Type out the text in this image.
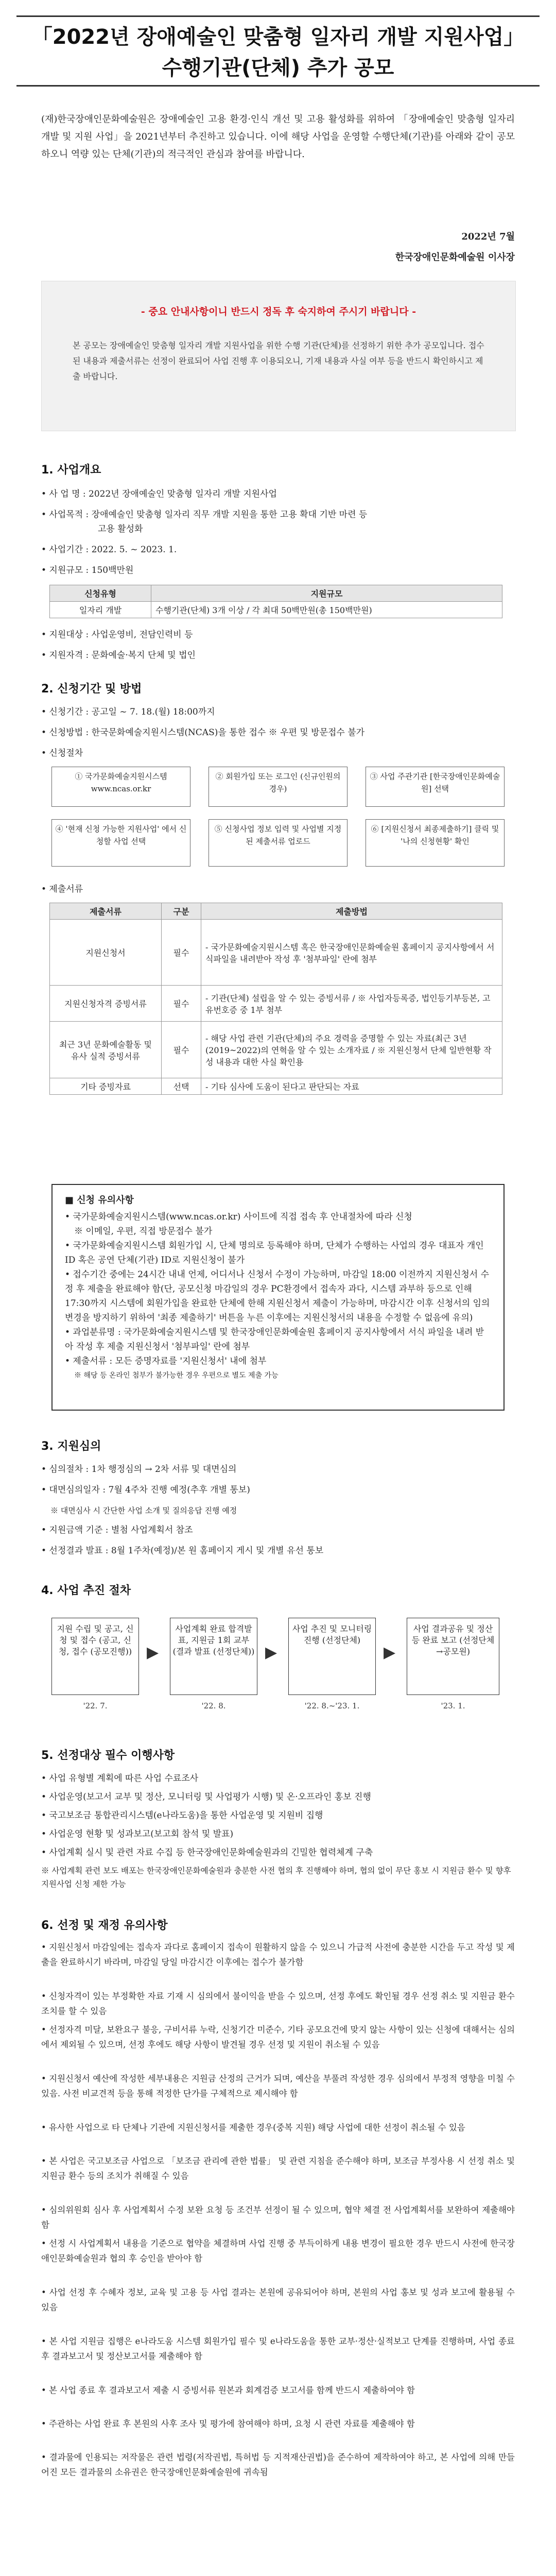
「2022년 장애예술인 맞춤형 일자리 개발 지원사업」
수행기관(단체) 추가 공모
(재)한국장애인문화예술원은 장애예술인 고용 환경·인식 개선 및 고용 활성화를 위하여 「장애예술인 맞춤형 일자리 개발 및 지원 사업」을 2021년부터 추진하고 있습니다. 이에 해당 사업을 운영할 수행단체(기관)를 아래와 같이 공모하오니 역량 있는 단체(기관)의 적극적인 관심과 참여를 바랍니다.
2022년 7월
한국장애인문화예술원 이사장
- 중요 안내사항이니 반드시 정독 후 숙지하여 주시기 바랍니다 -
본 공모는 장애예술인 맞춤형 일자리 개발 지원사업을 위한 수행 기관(단체)를 선정하기 위한 추가 공모입니다. 접수된 내용과 제출서류는 선정이 완료되어 사업 진행 후 이용되오니, 기재 내용과 사실 여부 등을 반드시 확인하시고 제출 바랍니다.
1. 사업개요
• 사 업 명 : 2022년 장애예술인 맞춤형 일자리 개발 지원사업
• 사업목적 : 장애예술인 맞춤형 일자리 직무 개발 지원을 통한 고용 확대 기반 마련 등
고용 활성화
• 사업기간 : 2022. 5. ~ 2023. 1.
• 지원규모 : 150백만원
신청유형	지원규모
일자리 개발	수행기관(단체) 3개 이상 / 각 최대 50백만원(총 150백만원)
• 지원대상 : 사업운영비, 전담인력비 등
• 지원자격 : 문화예술·복지 단체 및 법인
2. 신청기간 및 방법
• 신청기간 : 공고일 ~ 7. 18.(월) 18:00까지
• 신청방법 : 한국문화예술지원시스템(NCAS)을 통한 접수 ※ 우편 및 방문접수 불가
• 신청절차
① 국가문화예술지원시스템 www.ncas.or.kr
② 회원가입 또는 로그인 (신규인원의 경우)
③ 사업 주관기관 [한국장애인문화예술원] 선택
④ '현재 신청 가능한 지원사업' 에서 신청할 사업 선택
⑤ 신청사업 정보 입력 및 사업별 지정된 제출서류 업로드
⑥ [지원신청서 최종제출하기] 클릭 및 '나의 신청현황' 확인
• 제출서류
제출서류	구분	제출방법
지원신청서	필수	- 국가문화예술지원시스템 혹은 한국장애인문화예술원 홈페이지 공지사항에서 서식파일을 내려받아 작성 후 '첨부파일' 란에 첨부
지원신청자격 증빙서류	필수	- 기관(단체) 설립을 알 수 있는 증빙서류 / ※ 사업자등록증, 법인등기부등본, 고유번호증 중 1부 첨부
최근 3년 문화예술활동 및 유사 실적 증빙서류	필수	- 해당 사업 관련 기관(단체)의 주요 경력을 증명할 수 있는 자료(최근 3년(2019~2022)의 연혁을 알 수 있는 소개자료 / ※ 지원신청서 단체 일반현황 작성 내용과 대한 사실 확인용
기타 증빙자료	선택	- 기타 심사에 도움이 된다고 판단되는 자료
■ 신청 유의사항
• 국가문화예술지원시스템(www.ncas.or.kr) 사이트에 직접 접속 후 안내절차에 따라 신청
※ 이메일, 우편, 직접 방문접수 불가
• 국가문화예술지원시스템 회원가입 시, 단체 명의로 등록해야 하며, 단체가 수행하는 사업의 경우 대표자 개인 ID 혹은 공연 단체(기관) ID로 지원신청이 불가
• 접수기간 중에는 24시간 내내 언제, 어디서나 신청서 수정이 가능하며, 마감일 18:00 이전까지 지원신청서 수정 후 제출을 완료해야 함(단, 공모신청 마감일의 경우 PC환경에서 접속자 과다, 시스템 과부하 등으로 인해 17:30까지 시스템에 회원가입을 완료한 단체에 한해 지원신청서 제출이 가능하며, 마감시간 이후 신청서의 임의변경을 방지하기 위하여 '최종 제출하기' 버튼을 누른 이후에는 지원신청서의 내용을 수정할 수 없음에 유의)
• 과업분류명 : 국가문화예술지원시스템 및 한국장애인문화예술원 홈페이지 공지사항에서 서식 파일을 내려 받아 작성 후 제출 지원신청서 '첨부파일' 란에 첨부
• 제출서류 : 모든 증명자료를 '지원신청서' 내에 첨부
※ 해당 등 온라인 첨부가 불가능한 경우 우편으로 별도 제출 가능
3. 지원심의
• 심의절차 : 1차 행정심의 → 2차 서류 및 대면심의
• 대면심의일자 : 7월 4주차 진행 예정(추후 개별 통보)
※ 대면심사 시 간단한 사업 소개 및 질의응답 진행 예정
• 지원금액 기준 : 별첨 사업계획서 참조
• 선정결과 발표 : 8월 1주차(예정)/본 원 홈페이지 게시 및 개별 유선 통보
4. 사업 추진 절차
지원 수립 및 공고, 신청 및 접수 (공고, 신청, 접수 (공모진행))
'22. 7.
▶
사업계획 완료 합격발표, 지원금 1회 교부 (결과 발표 (선정단체))
'22. 8.
▶
사업 추진 및 모니터링 진행 (선정단체)
'22. 8.~'23. 1.
▶
사업 결과공유 및 정산 등 완료 보고 (선정단체→공모원)
'23. 1.
5. 선정대상 필수 이행사항
• 사업 유형별 계획에 따른 사업 수료조사
• 사업운영(보고서 교부 및 정산, 모니터링 및 사업평가 시행) 및 온·오프라인 홍보 진행
• 국고보조금 통합관리시스템(e나라도움)을 통한 사업운영 및 지원비 집행
• 사업운영 현황 및 성과보고(보고회 참석 및 발표)
• 사업계획 실시 및 관련 자료 수집 등 한국장애인문화예술원과의 긴밀한 협력체계 구축
※ 사업계획 관련 보도 배포는 한국장애인문화예술원과 충분한 사전 협의 후 진행해야 하며, 협의 없이 무단 홍보 시 지원금 환수 및 향후 지원사업 신청 제한 가능
6. 선정 및 재정 유의사항
• 지원신청서 마감일에는 접속자 과다로 홈페이지 접속이 원활하지 않을 수 있으니 가급적 사전에 충분한 시간을 두고 작성 및 제출을 완료하시기 바라며, 마감일 당일 마감시간 이후에는 접수가 불가함
• 신청자격이 있는 부정확한 자료 기재 시 심의에서 불이익을 받을 수 있으며, 선정 후에도 확인될 경우 선정 취소 및 지원금 환수 조치를 할 수 있음
• 선정자격 미달, 보완요구 불응, 구비서류 누락, 신청기간 미준수, 기타 공모요건에 맞지 않는 사항이 있는 신청에 대해서는 심의에서 제외될 수 있으며, 선정 후에도 해당 사항이 발견될 경우 선정 및 지원이 취소될 수 있음
• 지원신청서 예산에 작성한 세부내용은 지원금 산정의 근거가 되며, 예산을 부풀려 작성한 경우 심의에서 부정적 영향을 미칠 수 있음. 사전 비교견적 등을 통해 적정한 단가를 구체적으로 제시해야 함
• 유사한 사업으로 타 단체나 기관에 지원신청서를 제출한 경우(중복 지원) 해당 사업에 대한 선정이 취소될 수 있음
• 본 사업은 국고보조금 사업으로 「보조금 관리에 관한 법률」 및 관련 지침을 준수해야 하며, 보조금 부정사용 시 선정 취소 및 지원금 환수 등의 조치가 취해질 수 있음
• 심의위원회 심사 후 사업계획서 수정 보완 요청 등 조건부 선정이 될 수 있으며, 협약 체결 전 사업계획서를 보완하여 제출해야 함
• 선정 시 사업계획서 내용을 기준으로 협약을 체결하며 사업 진행 중 부득이하게 내용 변경이 필요한 경우 반드시 사전에 한국장애인문화예술원과 협의 후 승인을 받아야 함
• 사업 선정 후 수혜자 정보, 교육 및 고용 등 사업 결과는 본원에 공유되어야 하며, 본원의 사업 홍보 및 성과 보고에 활용될 수 있음
• 본 사업 지원금 집행은 e나라도움 시스템 회원가입 필수 및 e나라도움을 통한 교부·정산·실적보고 단계를 진행하며, 사업 종료 후 결과보고서 및 정산보고서를 제출해야 함
• 본 사업 종료 후 결과보고서 제출 시 증빙서류 원본과 회계검증 보고서를 함께 반드시 제출하여야 함
• 주관하는 사업 완료 후 본원의 사후 조사 및 평가에 참여해야 하며, 요청 시 관련 자료를 제출해야 함
• 결과물에 인용되는 저작물은 관련 법령(저작권법, 특허법 등 지적재산권법)을 준수하여 제작하여야 하고, 본 사업에 의해 만들어진 모든 결과물의 소유권은 한국장애인문화예술원에 귀속됨
